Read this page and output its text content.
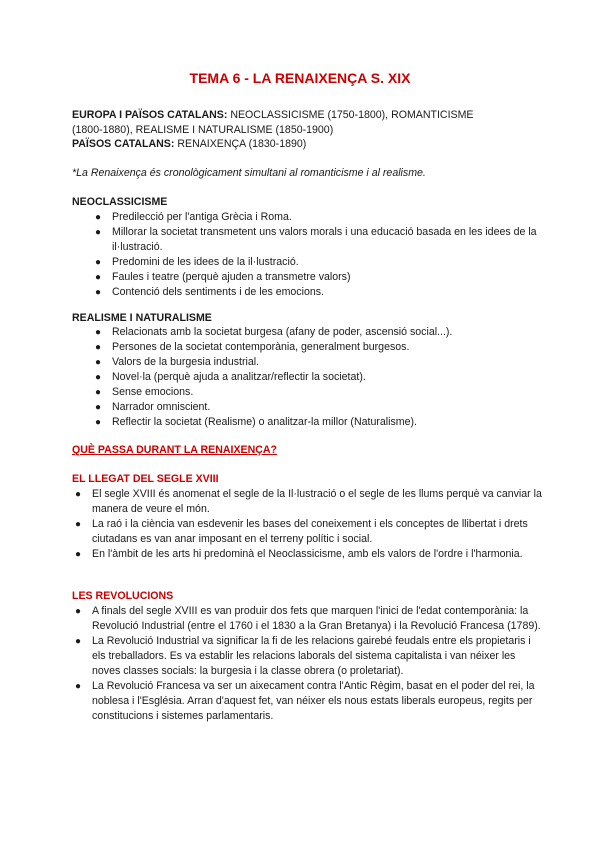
TEMA 6 - LA RENAIXENÇA S. XIX
EUROPA I PAÏSOS CATALANS: NEOCLASSICISME (1750-1800), ROMANTICISME
(1800-1880), REALISME I NATURALISME (1850-1900)
PAÏSOS CATALANS: RENAIXENÇA (1830-1890)
*La Renaixença és cronològicament simultani al romanticisme i al realisme.
NEOCLASSICISME
● Predilecció per l'antiga Grècia i Roma.
● Millorar la societat transmetent uns valors morals i una educació basada en les idees de la il·lustració.
● Predomini de les idees de la il·lustració.
● Faules i teatre (perquè ajuden a transmetre valors)
● Contenció dels sentiments i de les emocions.
REALISME I NATURALISME
● Relacionats amb la societat burgesa (afany de poder, ascensió social...).
● Persones de la societat contemporània, generalment burgesos.
● Valors de la burgesia industrial.
● Novel·la (perquè ajuda a analitzar/reflectir la societat).
● Sense emocions.
● Narrador omniscient.
● Reflectir la societat (Realisme) o analitzar-la millor (Naturalisme).
QUÈ PASSA DURANT LA RENAIXENÇA?
EL LLEGAT DEL SEGLE XVIII
● El segle XVIII és anomenat el segle de la Il·lustració o el segle de les llums perquè va canviar la manera de veure el món.
● La raó i la ciència van esdevenir les bases del coneixement i els conceptes de llibertat i drets ciutadans es van anar imposant en el terreny polític i social.
● En l'àmbit de les arts hi predominà el Neoclassicisme, amb els valors de l'ordre i l'harmonia.
LES REVOLUCIONS
● A finals del segle XVIII es van produir dos fets que marquen l'inici de l'edat contemporània: la Revolució Industrial (entre el 1760 i el 1830 a la Gran Bretanya) i la Revolució Francesa (1789).
● La Revolució Industrial va significar la fi de les relacions gairebé feudals entre els propietaris i els treballadors. Es va establir les relacions laborals del sistema capitalista i van néixer les noves classes socials: la burgesia i la classe obrera (o proletariat).
● La Revolució Francesa va ser un aixecament contra l'Antic Règim, basat en el poder del rei, la noblesa i l'Església. Arran d'aquest fet, van néixer els nous estats liberals europeus, regits per constitucions i sistemes parlamentaris.
